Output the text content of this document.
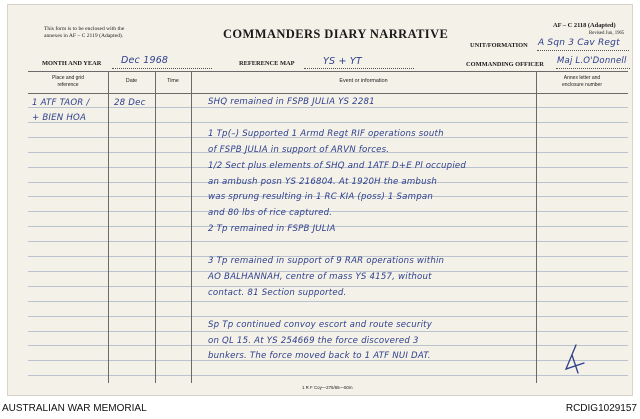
This form is to be enclosed with the
annexes in AF – C 2119 (Adapted).	COMMANDERS DIARY NARRATIVE
AF – C 2118 (Adapted)
Revised Jun, 1965
UNIT/FORMATION A Sqn 3 Cav Regt
MONTH AND YEAR Dec 1968	REFERENCE MAP	YS + YT	COMMANDING OFFICER Maj L.O'Donnell
Place and grid
reference
Date	Time	Event or information	Annex letter and
enclosure number
1 ATF TAOR /
+ BIEN HOA
28 Dec	SHQ remained in FSPB JULIA YS 2281
1 Tp(–) Supported 1 Armd Regt RIF operations south
of FSPB JULIA in support of ARVN forces.
1/2 Sect plus elements of SHQ and 1ATF D+E Pl occupied
an ambush posn YS 216804. At 1920H the ambush
was sprung resulting in 1 RC KIA (poss) 1 Sampan
and 80 lbs of rice captured.
2 Tp remained in FSPB JULIA
3 Tp remained in support of 9 RAR operations within
AO BALHANNAH, centre of mass YS 4157, without
contact. 81 Section supported.
Sp Tp continued convoy escort and route security
on QL 15. At YS 254669 the force discovered 3
bunkers. The force moved back to 1 ATF NUI DAT.
1 R F Coy—275/65—50m
AUSTRALIAN WAR MEMORIAL	RCDIG1029157
